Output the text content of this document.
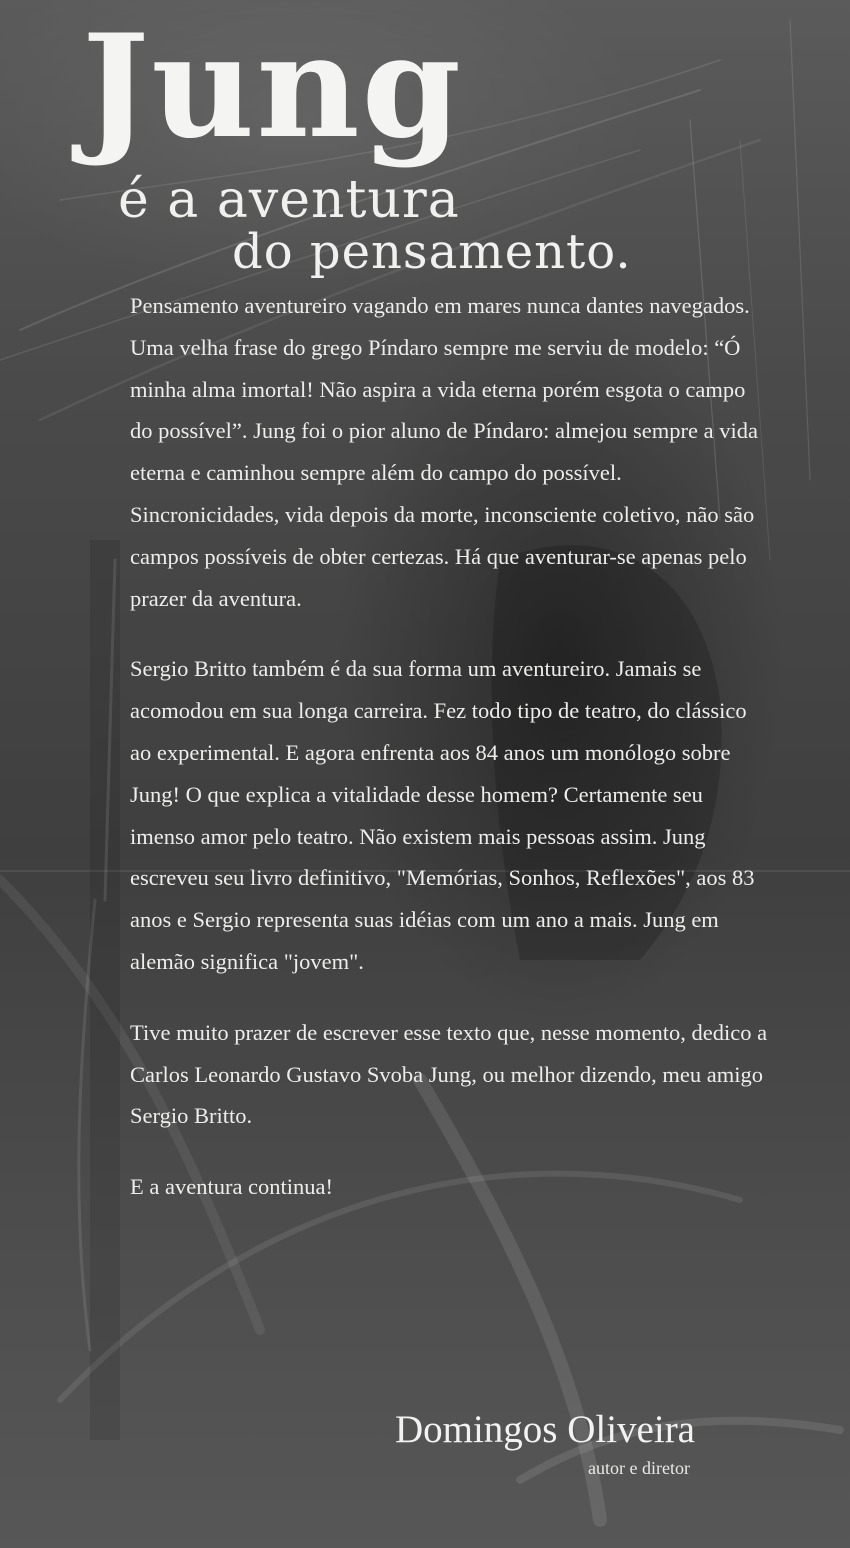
Jung
é a aventura
do pensamento.

Pensamento aventureiro vagando em mares nunca dantes navegados. Uma velha frase do grego Píndaro sempre me serviu de modelo: “Ó minha alma imortal! Não aspira a vida eterna porém esgota o campo do possível”. Jung foi o pior aluno de Píndaro: almejou sempre a vida eterna e caminhou sempre além do campo do possível. Sincronicidades, vida depois da morte, inconsciente coletivo, não são campos possíveis de obter certezas. Há que aventurar-se apenas pelo prazer da aventura.

Sergio Britto também é da sua forma um aventureiro. Jamais se acomodou em sua longa carreira. Fez todo tipo de teatro, do clássico ao experimental. E agora enfrenta aos 84 anos um monólogo sobre Jung! O que explica a vitalidade desse homem? Certamente seu imenso amor pelo teatro. Não existem mais pessoas assim. Jung escreveu seu livro definitivo, "Memórias, Sonhos, Reflexões", aos 83 anos e Sergio representa suas idéias com um ano a mais. Jung em alemão significa "jovem".

Tive muito prazer de escrever esse texto que, nesse momento, dedico a Carlos Leonardo Gustavo Svoba Jung, ou melhor dizendo, meu amigo Sergio Britto.

E a aventura continua!

Domingos Oliveira
autor e diretor
